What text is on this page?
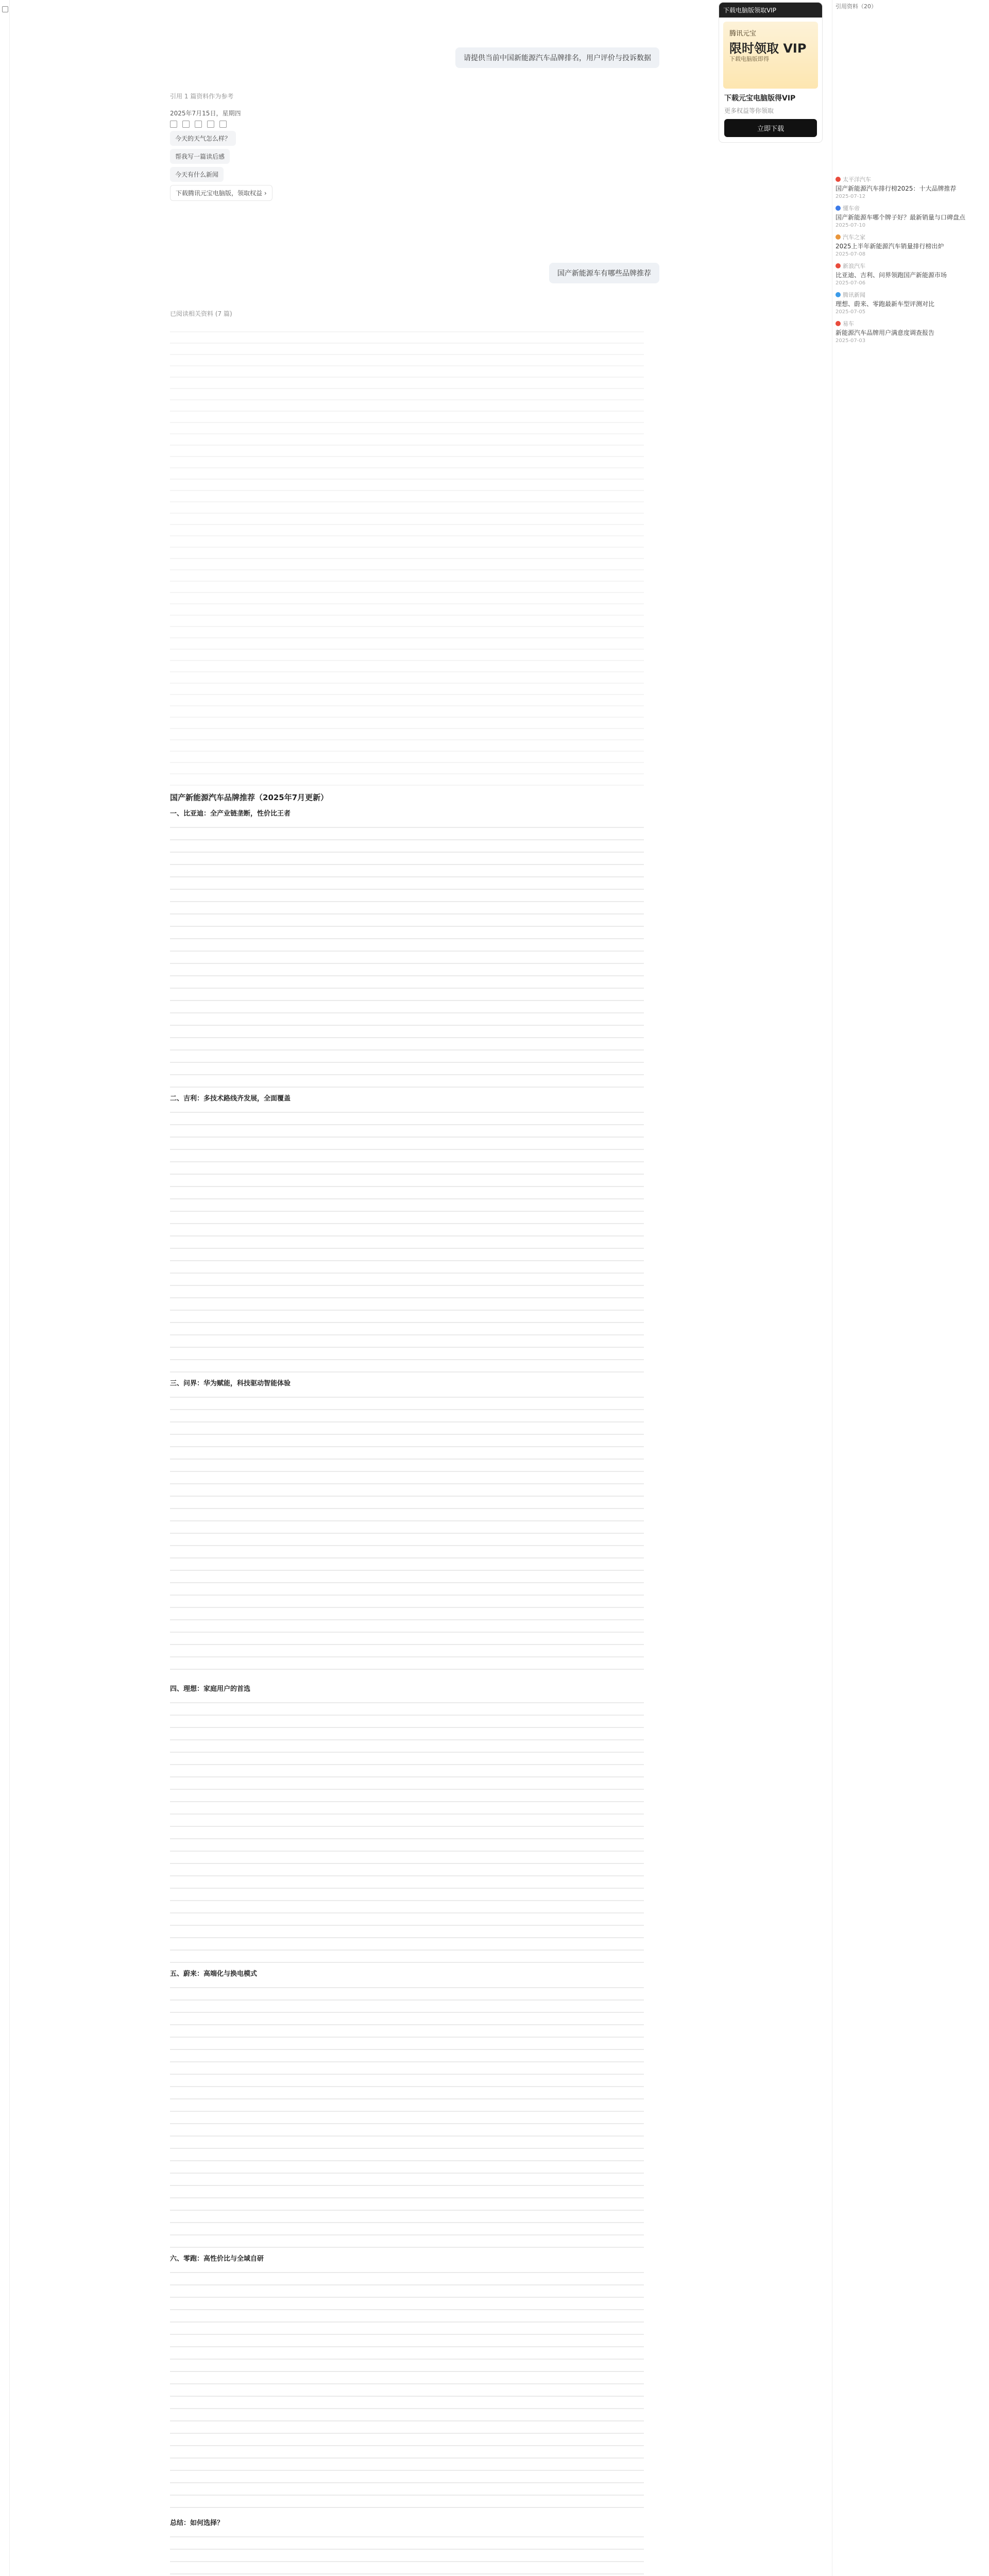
请提供当前中国新能源汽车品牌排名，用户评价与投诉数据
引用 1 篇资料作为参考
2025年7月15日，星期四
今天的天气怎么样？
帮我写一篇读后感
今天有什么新闻
下载腾讯元宝电脑版，领取权益 ›
国产新能源车有哪些品牌推荐
已阅读相关资料 (7 篇)
国产新能源汽车品牌推荐（2025年7月更新）
一、比亚迪：全产业链垄断，性价比王者
二、吉利：多技术路线齐发展，全面覆盖
三、问界：华为赋能，科技驱动智能体验
四、理想：家庭用户的首选
五、蔚来：高端化与换电模式
六、零跑：高性价比与全域自研
总结：如何选择？
下载电脑版领取VIP
腾讯元宝
限时领取 VIP
下载电脑版即得
下载元宝电脑版得VIP
更多权益等你领取
立即下载
引用资料（20）
太平洋汽车
国产新能源汽车排行榜2025：十大品牌推荐
2025-07-12
懂车帝
国产新能源车哪个牌子好？最新销量与口碑盘点
2025-07-10
汽车之家
2025上半年新能源汽车销量排行榜出炉
2025-07-08
新浪汽车
比亚迪、吉利、问界领跑国产新能源市场
2025-07-06
腾讯新闻
理想、蔚来、零跑最新车型评测对比
2025-07-05
易车
新能源汽车品牌用户满意度调查报告
2025-07-03
